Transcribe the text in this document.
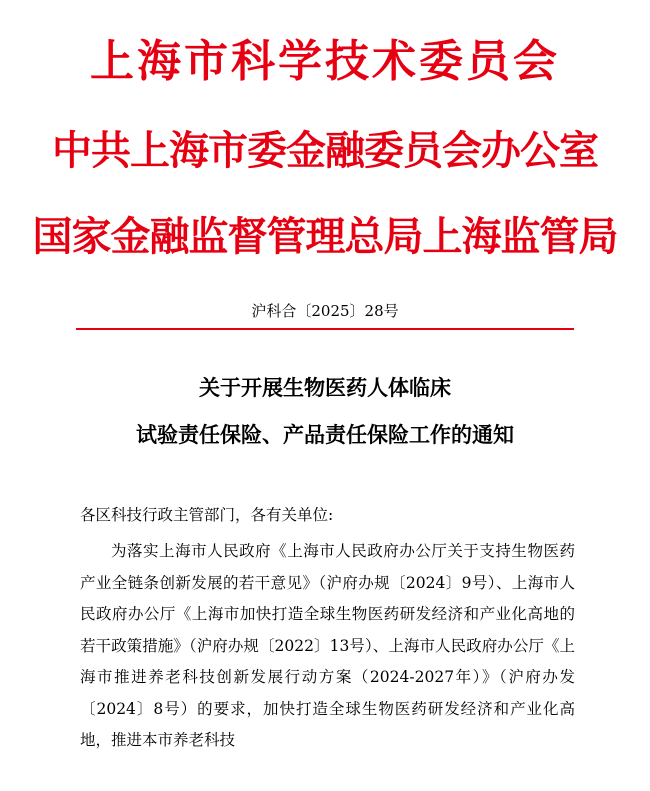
上海市科学技术委员会
中共上海市委金融委员会办公室
国家金融监督管理总局上海监管局
沪科合〔2025〕28号
关于开展生物医药人体临床
试验责任保险、产品责任保险工作的通知
各区科技行政主管部门，各有关单位:
为落实上海市人民政府《上海市人民政府办公厅关于支持生物医药产业全链条创新发展的若干意见》（沪府办规〔2024〕9号）、上海市人民政府办公厅《上海市加快打造全球生物医药研发经济和产业化高地的若干政策措施》（沪府办规〔2022〕13号）、上海市人民政府办公厅《上海市推进养老科技创新发展行动方案（2024-2027年）》（沪府办发〔2024〕8号）的要求，加快打造全球生物医药研发经济和产业化高地，推进本市养老科技
